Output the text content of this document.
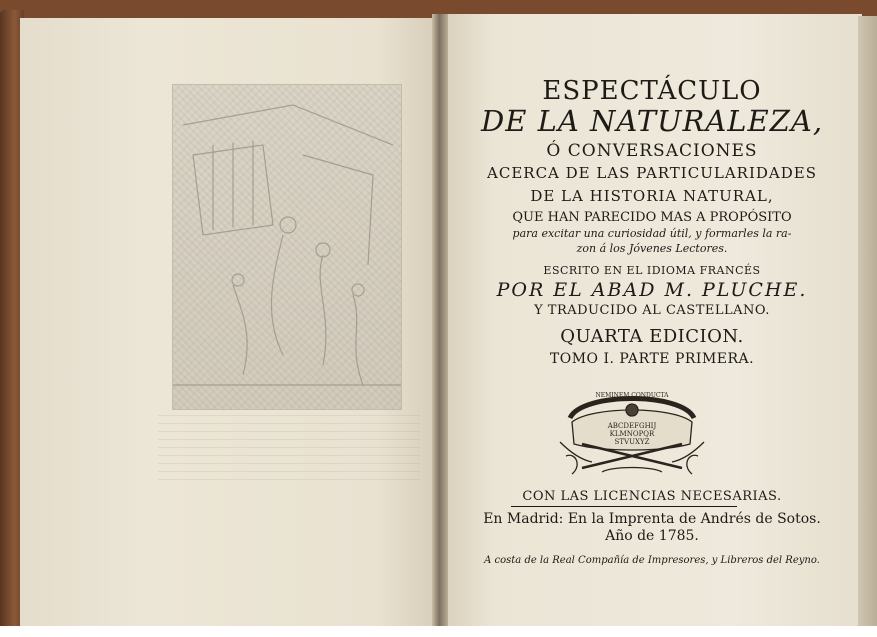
ESPECTÁCULO
DE LA NATURALEZA,
Ó CONVERSACIONES
ACERCA DE LAS PARTICULARIDADES
DE LA HISTORIA NATURAL,
QUE HAN PARECIDO MAS A PROPÓSITO
para excitar una curiosidad útil, y formarles la ra-
zon á los Jóvenes Lectores.
ESCRITO EN EL IDIOMA FRANCÉS
POR EL ABAD M. PLUCHE.
Y TRADUCIDO AL CASTELLANO.
QUARTA EDICION.
TOMO I. PARTE PRIMERA.
NEMINEM CONDUCTA
ABCDEFGHIJ
KLMNOPQR
STVUXYZ
CON LAS LICENCIAS NECESARIAS.
En Madrid: En la Imprenta de Andrés de Sotos.
Año de 1785.
A costa de la Real Compañía de Impresores, y Libreros del Reyno.
